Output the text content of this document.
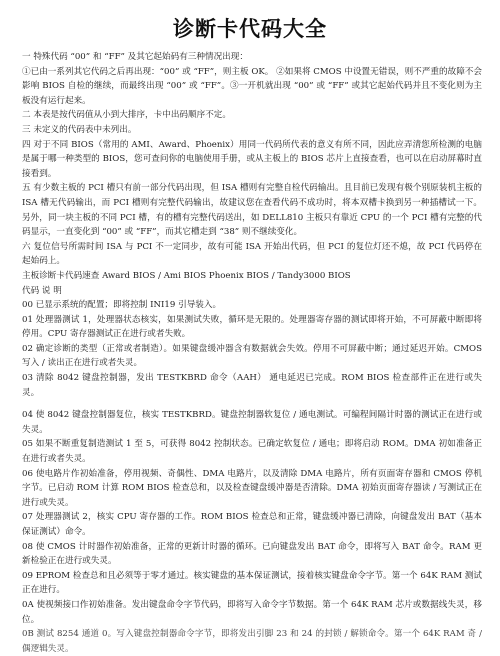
诊断卡代码大全

一 特殊代码 “00” 和 “FF” 及其它起始码有三种情况出现：

①已由一系列其它代码之后再出现：“00” 或 “FF”，则主板 OK。 ②如果将 CMOS 中设置无错误，则不严重的故障不会影响 BIOS 自检的继续，而最终出现 “00” 或 “FF”。③一开机就出现 “00” 或 “FF” 或其它起始代码并且不变化则为主板没有运行起来。

二 本表是按代码值从小到大排序，卡中出码顺序不定。

三 未定义的代码表中未列出。

四 对于不同 BIOS（常用的 AMI、Award、Phoenix）用同一代码所代表的意义有所不同，因此应弄清您所检测的电脑是属于哪一种类型的 BIOS，您可查问你的电脑使用手册，或从主板上的 BIOS 芯片上直接查看，也可以在启动屏幕时直接看到。

五 有少数主板的 PCI 槽只有前一部分代码出现，但 ISA 槽则有完整自检代码输出。且目前已发现有极个别原装机主板的 ISA 槽无代码输出，而 PCI 槽则有完整代码输出，故建议您在查看代码不成功时，将本双槽卡换到另一种插槽试一下。另外，同一块主板的不同 PCI 槽，有的槽有完整代码送出，如 DELL810 主板只有靠近 CPU 的一个 PCI 槽有完整的代码显示，一直变化到 “00” 或 “FF”，而其它槽走到 “38” 则不继续变化。

六 复位信号所需时间 ISA 与 PCI 不一定同步，故有可能 ISA 开始出代码，但 PCI 的复位灯还不熄，故 PCI 代码停在起始码上。

主板诊断卡代码速查 Award BIOS / Ami BIOS Phoenix BIOS / Tandy3000 BIOS

代码 说 明

00 已显示系统的配置；即将控制 INI19 引导装入。

01 处理器测试 1，处理器状态核实，如果测试失败，循环是无限的。处理器寄存器的测试即将开始，不可屏蔽中断即将停用。CPU 寄存器测试正在进行或者失败。

02 确定诊断的类型（正常或者制造）。如果键盘缓冲器含有数据就会失效。停用不可屏蔽中断；通过延迟开始。CMOS 写入 / 读出正在进行或者失灵。

03 清除 8042 键盘控制器，发出 TESTKBRD 命令（AAH） 通电延迟已完成。ROM BIOS 检查部件正在进行或失灵。

04 使 8042 键盘控制器复位，核实 TESTKBRD。键盘控制器软复位 / 通电测试。可编程间隔计时器的测试正在进行或失灵。

05 如果不断重复制造测试 1 至 5，可获得 8042 控制状态。已确定软复位 / 通电；即将启动 ROM。DMA 初如准备正在进行或者失灵。

06 使电路片作初始准备，停用视频、奇偶性、DMA 电路片，以及清除 DMA 电路片，所有页面寄存器和 CMOS 停机字节。已启动 ROM 计算 ROM BIOS 检查总和，以及检查键盘缓冲器是否清除。DMA 初始页面寄存器读 / 写测试正在进行或失灵。

07 处理器测试 2，核实 CPU 寄存器的工作。ROM BIOS 检查总和正常，键盘缓冲器已清除，向键盘发出 BAT（基本保证测试）命令。

08 使 CMOS 计时器作初始准备，正常的更新计时器的循环。已向键盘发出 BAT 命令，即将写入 BAT 命令。RAM 更新检验正在进行或失灵。

09 EPROM 检查总和且必须等于零才通过。核实键盘的基本保证测试，接着核实键盘命令字节。第一个 64K RAM 测试正在进行。

0A 使视频接口作初始准备。发出键盘命令字节代码，即将写入命令字节数据。第一个 64K RAM 芯片或数据线失灵，移位。

0B 测试 8254 通道 0。写入键盘控制器命令字节，即将发出引脚 23 和 24 的封锁 / 解锁命令。第一个 64K RAM 奇 / 偶逻辑失灵。
